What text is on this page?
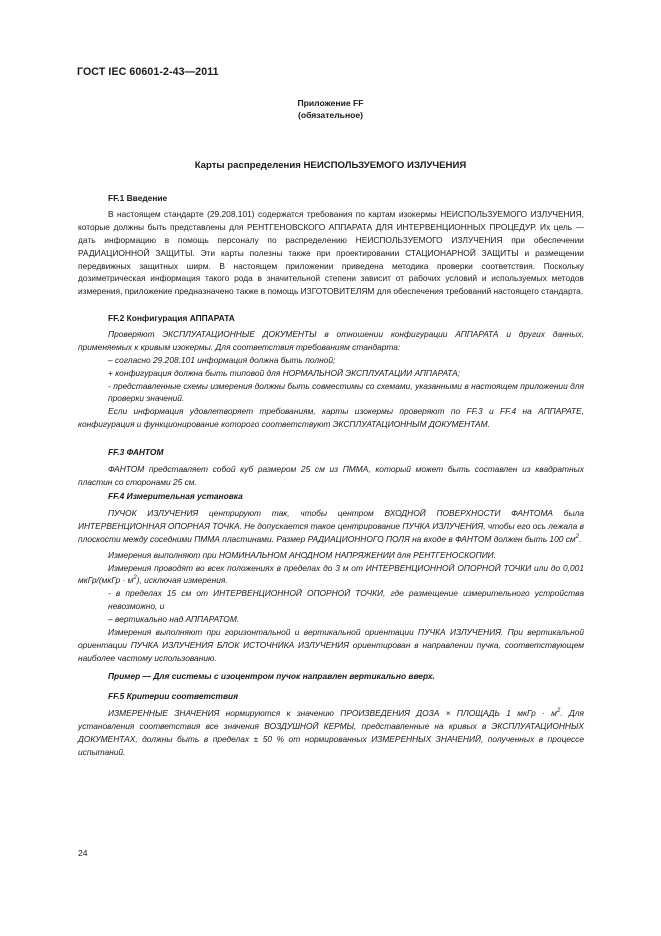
ГОСТ IEC 60601-2-43—2011
Приложение FF
(обязательное)
Карты распределения НЕИСПОЛЬЗУЕМОГО ИЗЛУЧЕНИЯ

FF.1 Введение

В настоящем стандарте (29.208.101) содержатся требования по картам изокермы НЕИСПОЛЬЗУЕМОГО ИЗЛУЧЕНИЯ, которые должны быть представлены для РЕНТГЕНОВСКОГО АППАРАТА ДЛЯ ИНТЕРВЕНЦИОННЫХ ПРОЦЕДУР. Их цель — дать информацию в помощь персоналу по распределению НЕИСПОЛЬЗУЕМОГО ИЗЛУЧЕНИЯ при обеспечении РАДИАЦИОННОЙ ЗАЩИТЫ. Эти карты полезны также при проектировании СТАЦИОНАРНОЙ ЗАЩИТЫ и размещении передвижных защитных ширм. В настоящем приложении приведена методика проверки соответствия. Поскольку дозиметрическая информация такого рода в значительной степени зависит от рабочих условий и используемых методов измерения, приложение предназначено также в помощь ИЗГОТОВИТЕЛЯМ для обеспечения требований настоящего стандарта.

FF.2 Конфигурация АППАРАТА

Проверяют ЭКСПЛУАТАЦИОННЫЕ ДОКУМЕНТЫ в отношении конфигурации АППАРАТА и других данных, применяемых к кривым изокермы. Для соответствия требованиям стандарта:

– согласно 29.208.101 информация должна быть полной;

+ конфигурация должна быть типовой для НОРМАЛЬНОЙ ЭКСПЛУАТАЦИИ АППАРАТА;

- представленные схемы измерения должны быть совместимы со схемами, указанными в настоящем приложении для проверки значений.

Если информация удовлетворяет требованиям, карты изокермы проверяют по FF.3 и FF.4 на АППАРАТЕ, конфигурация и функционирование которого соответствуют ЭКСПЛУАТАЦИОННЫМ ДОКУМЕНТАМ.

FF.3 ФАНТОМ

ФАНТОМ представляет собой куб размером 25 см из ПММА, который может быть составлен из квадратных пластин со сторонами 25 см.

FF.4 Измерительная установка

ПУЧОК ИЗЛУЧЕНИЯ центрируют так, чтобы центром ВХОДНОЙ ПОВЕРХНОСТИ ФАНТОМА была ИНТЕРВЕНЦИОННАЯ ОПОРНАЯ ТОЧКА. Не допускается такое центрирование ПУЧКА ИЗЛУЧЕНИЯ, чтобы его ось лежала в плоскости между соседними ПММА пластинами. Размер РАДИАЦИОННОГО ПОЛЯ на входе в ФАНТОМ должен быть 100 $см^2$.

Измерения выполняют при НОМИНАЛЬНОМ АНОДНОМ НАПРЯЖЕНИИ для РЕНТГЕНОСКОПИИ.

Измерения проводят во всех положениях в пределах до 3 м от ИНТЕРВЕНЦИОННОЙ ОПОРНОЙ ТОЧКИ или до 0,001 мкГр/(мкГр · $м^2$), исключая измерения.

- в пределах 15 см от ИНТЕРВЕНЦИОННОЙ ОПОРНОЙ ТОЧКИ, где размещение измерительного устройства невозможно, и

– вертикально над АППАРАТОМ.

Измерения выполняют при горизонтальной и вертикальной ориентации ПУЧКА ИЗЛУЧЕНИЯ. При вертикальной ориентации ПУЧКА ИЗЛУЧЕНИЯ БЛОК ИСТОЧНИКА ИЗЛУЧЕНИЯ ориентирован в направлении пучка, соответствующем наиболее частому использованию.

Пример — Для системы с изоцентром пучок направлен вертикально вверх.

FF.5 Критерии соответствия

ИЗМЕРЕННЫЕ ЗНАЧЕНИЯ нормируются к значению ПРОИЗВЕДЕНИЯ ДОЗА × ПЛОЩАДЬ 1 мкГр · $м^2$. Для установления соответствия все значения ВОЗДУШНОЙ КЕРМЫ, представленные на кривых в ЭКСПЛУАТАЦИОННЫХ ДОКУМЕНТАХ, должны быть в пределах ± 50 % от нормированных ИЗМЕРЕННЫХ ЗНАЧЕНИЙ, полученных в процессе испытаний.

24
